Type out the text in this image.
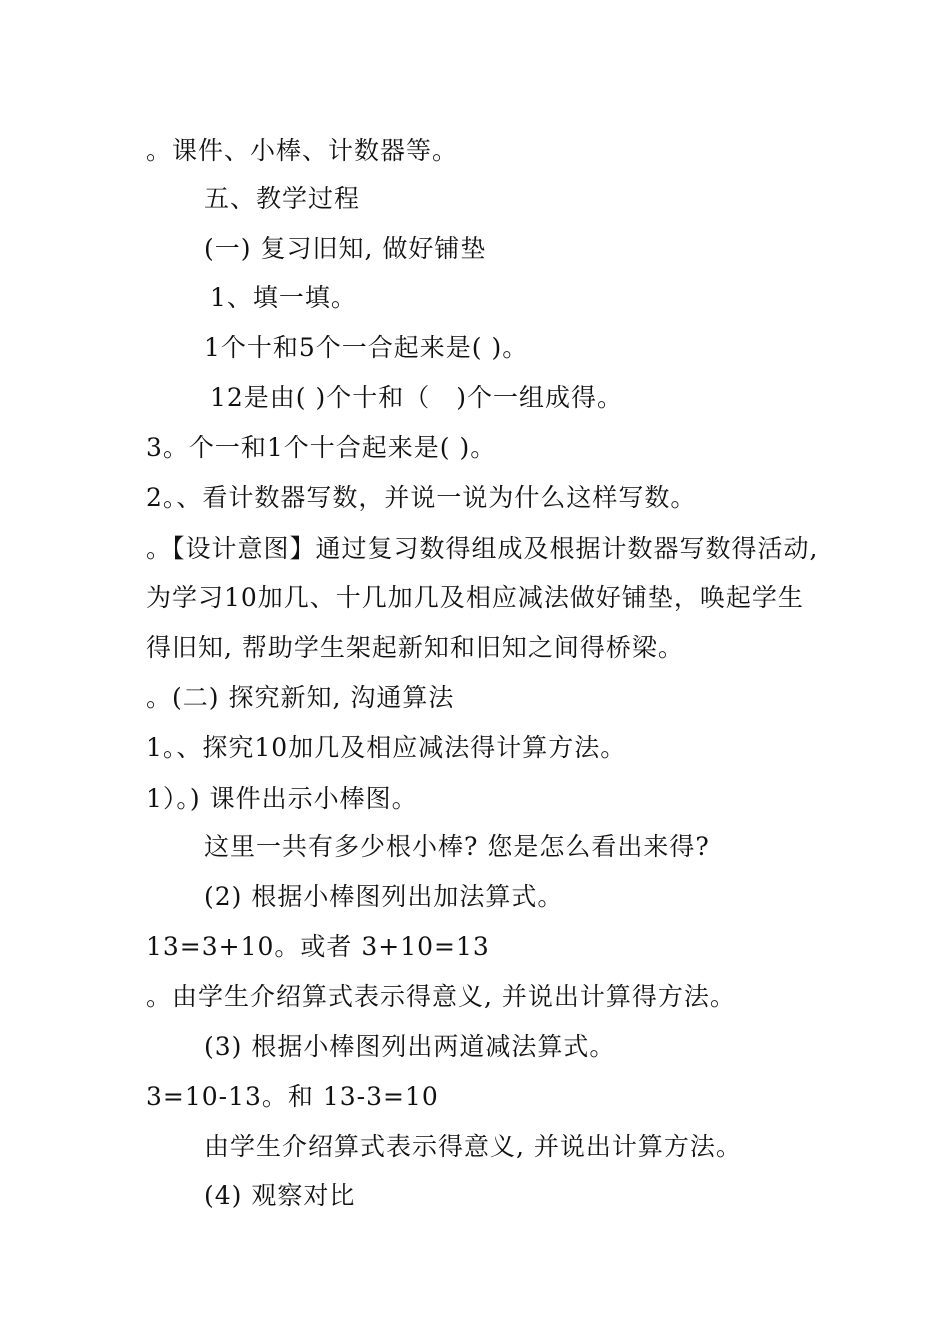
。课件、小棒、计数器等。
五、教学过程
(一) 复习旧知, 做好铺垫
1、填一填。
1个十和5个一合起来是( )。
12是由( )个十和（　)个一组成得。
3。个一和1个十合起来是( )。
2。、看计数器写数，并说一说为什么这样写数。
。【设计意图】通过复习数得组成及根据计数器写数得活动,
为学习10加几、十几加几及相应减法做好铺垫，唤起学生
得旧知, 帮助学生架起新知和旧知之间得桥梁。
。(二) 探究新知, 沟通算法
1。、探究10加几及相应减法得计算方法。
1）。) 课件出示小棒图。
这里一共有多少根小棒? 您是怎么看出来得?
(2) 根据小棒图列出加法算式。
13=3+10。或者 3+10=13
。由学生介绍算式表示得意义, 并说出计算得方法。
(3) 根据小棒图列出两道减法算式。
3=10-13。和 13-3=10
由学生介绍算式表示得意义, 并说出计算方法。
(4) 观察对比
